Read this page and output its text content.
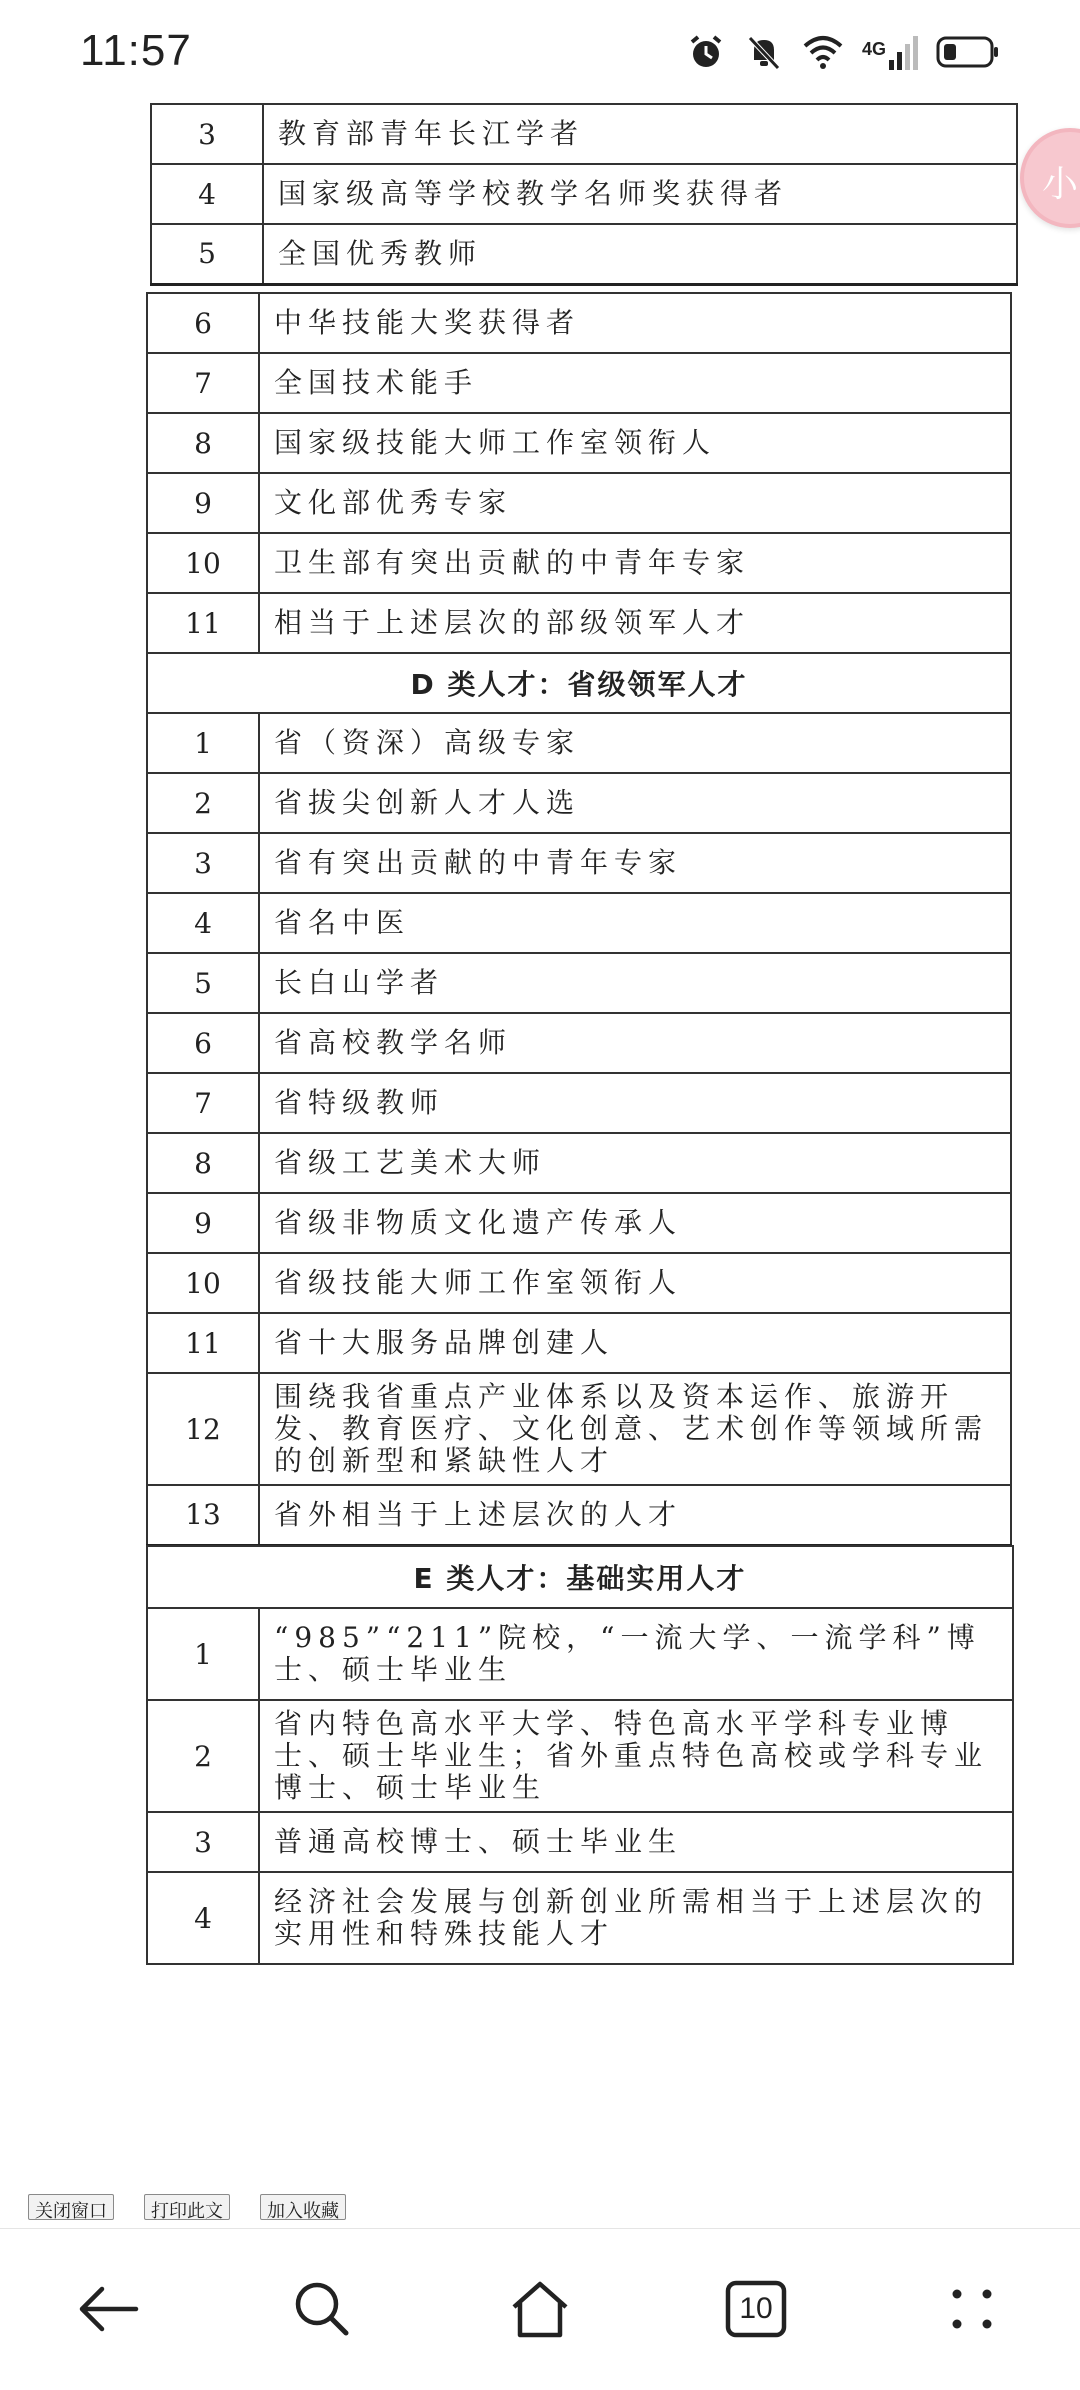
11:57	4G
小
3	教育部青年长江学者
4	国家级高等学校教学名师奖获得者
5	全国优秀教师
6	中华技能大奖获得者
7	全国技术能手
8	国家级技能大师工作室领衔人
9	文化部优秀专家
10	卫生部有突出贡献的中青年专家
11	相当于上述层次的部级领军人才
D 类人才：省级领军人才	
1	省（资深）高级专家
2	省拔尖创新人才人选
3	省有突出贡献的中青年专家
4	省名中医
5	长白山学者
6	省高校教学名师
7	省特级教师
8	省级工艺美术大师
9	省级非物质文化遗产传承人
10	省级技能大师工作室领衔人
11	省十大服务品牌创建人
12	围绕我省重点产业体系以及资本运作、旅游开发、教育医疗、文化创意、艺术创作等领域所需的创新型和紧缺性人才
13	省外相当于上述层次的人才
E 类人才：基础实用人才	
1	“985”“211”院校，“一流大学、一流学科”博士、硕士毕业生
2	省内特色高水平大学、特色高水平学科专业博士、硕士毕业生；省外重点特色高校或学科专业博士、硕士毕业生
3	普通高校博士、硕士毕业生
4	经济社会发展与创新创业所需相当于上述层次的实用性和特殊技能人才
关闭窗口	打印此文	加入收藏
10
